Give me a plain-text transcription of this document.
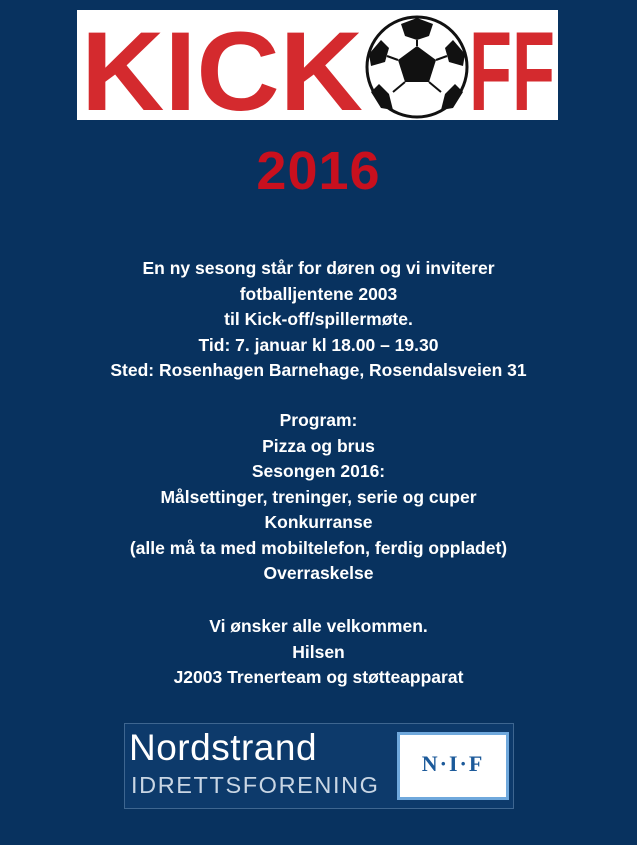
KICK FF
2016
En ny sesong står for døren og vi inviterer
fotballjentene 2003
til Kick-off/spillermøte.
Tid: 7. januar kl 18.00 – 19.30
Sted: Rosenhagen Barnehage, Rosendalsveien 31
Program:
Pizza og brus
Sesongen 2016:
Målsettinger, treninger, serie og cuper
Konkurranse
(alle må ta med mobiltelefon, ferdig oppladet)
Overraskelse
Vi ønsker alle velkommen.
Hilsen
J2003 Trenerteam og støtteapparat
Nordstrand
IDRETTSFORENING
N·I·F
